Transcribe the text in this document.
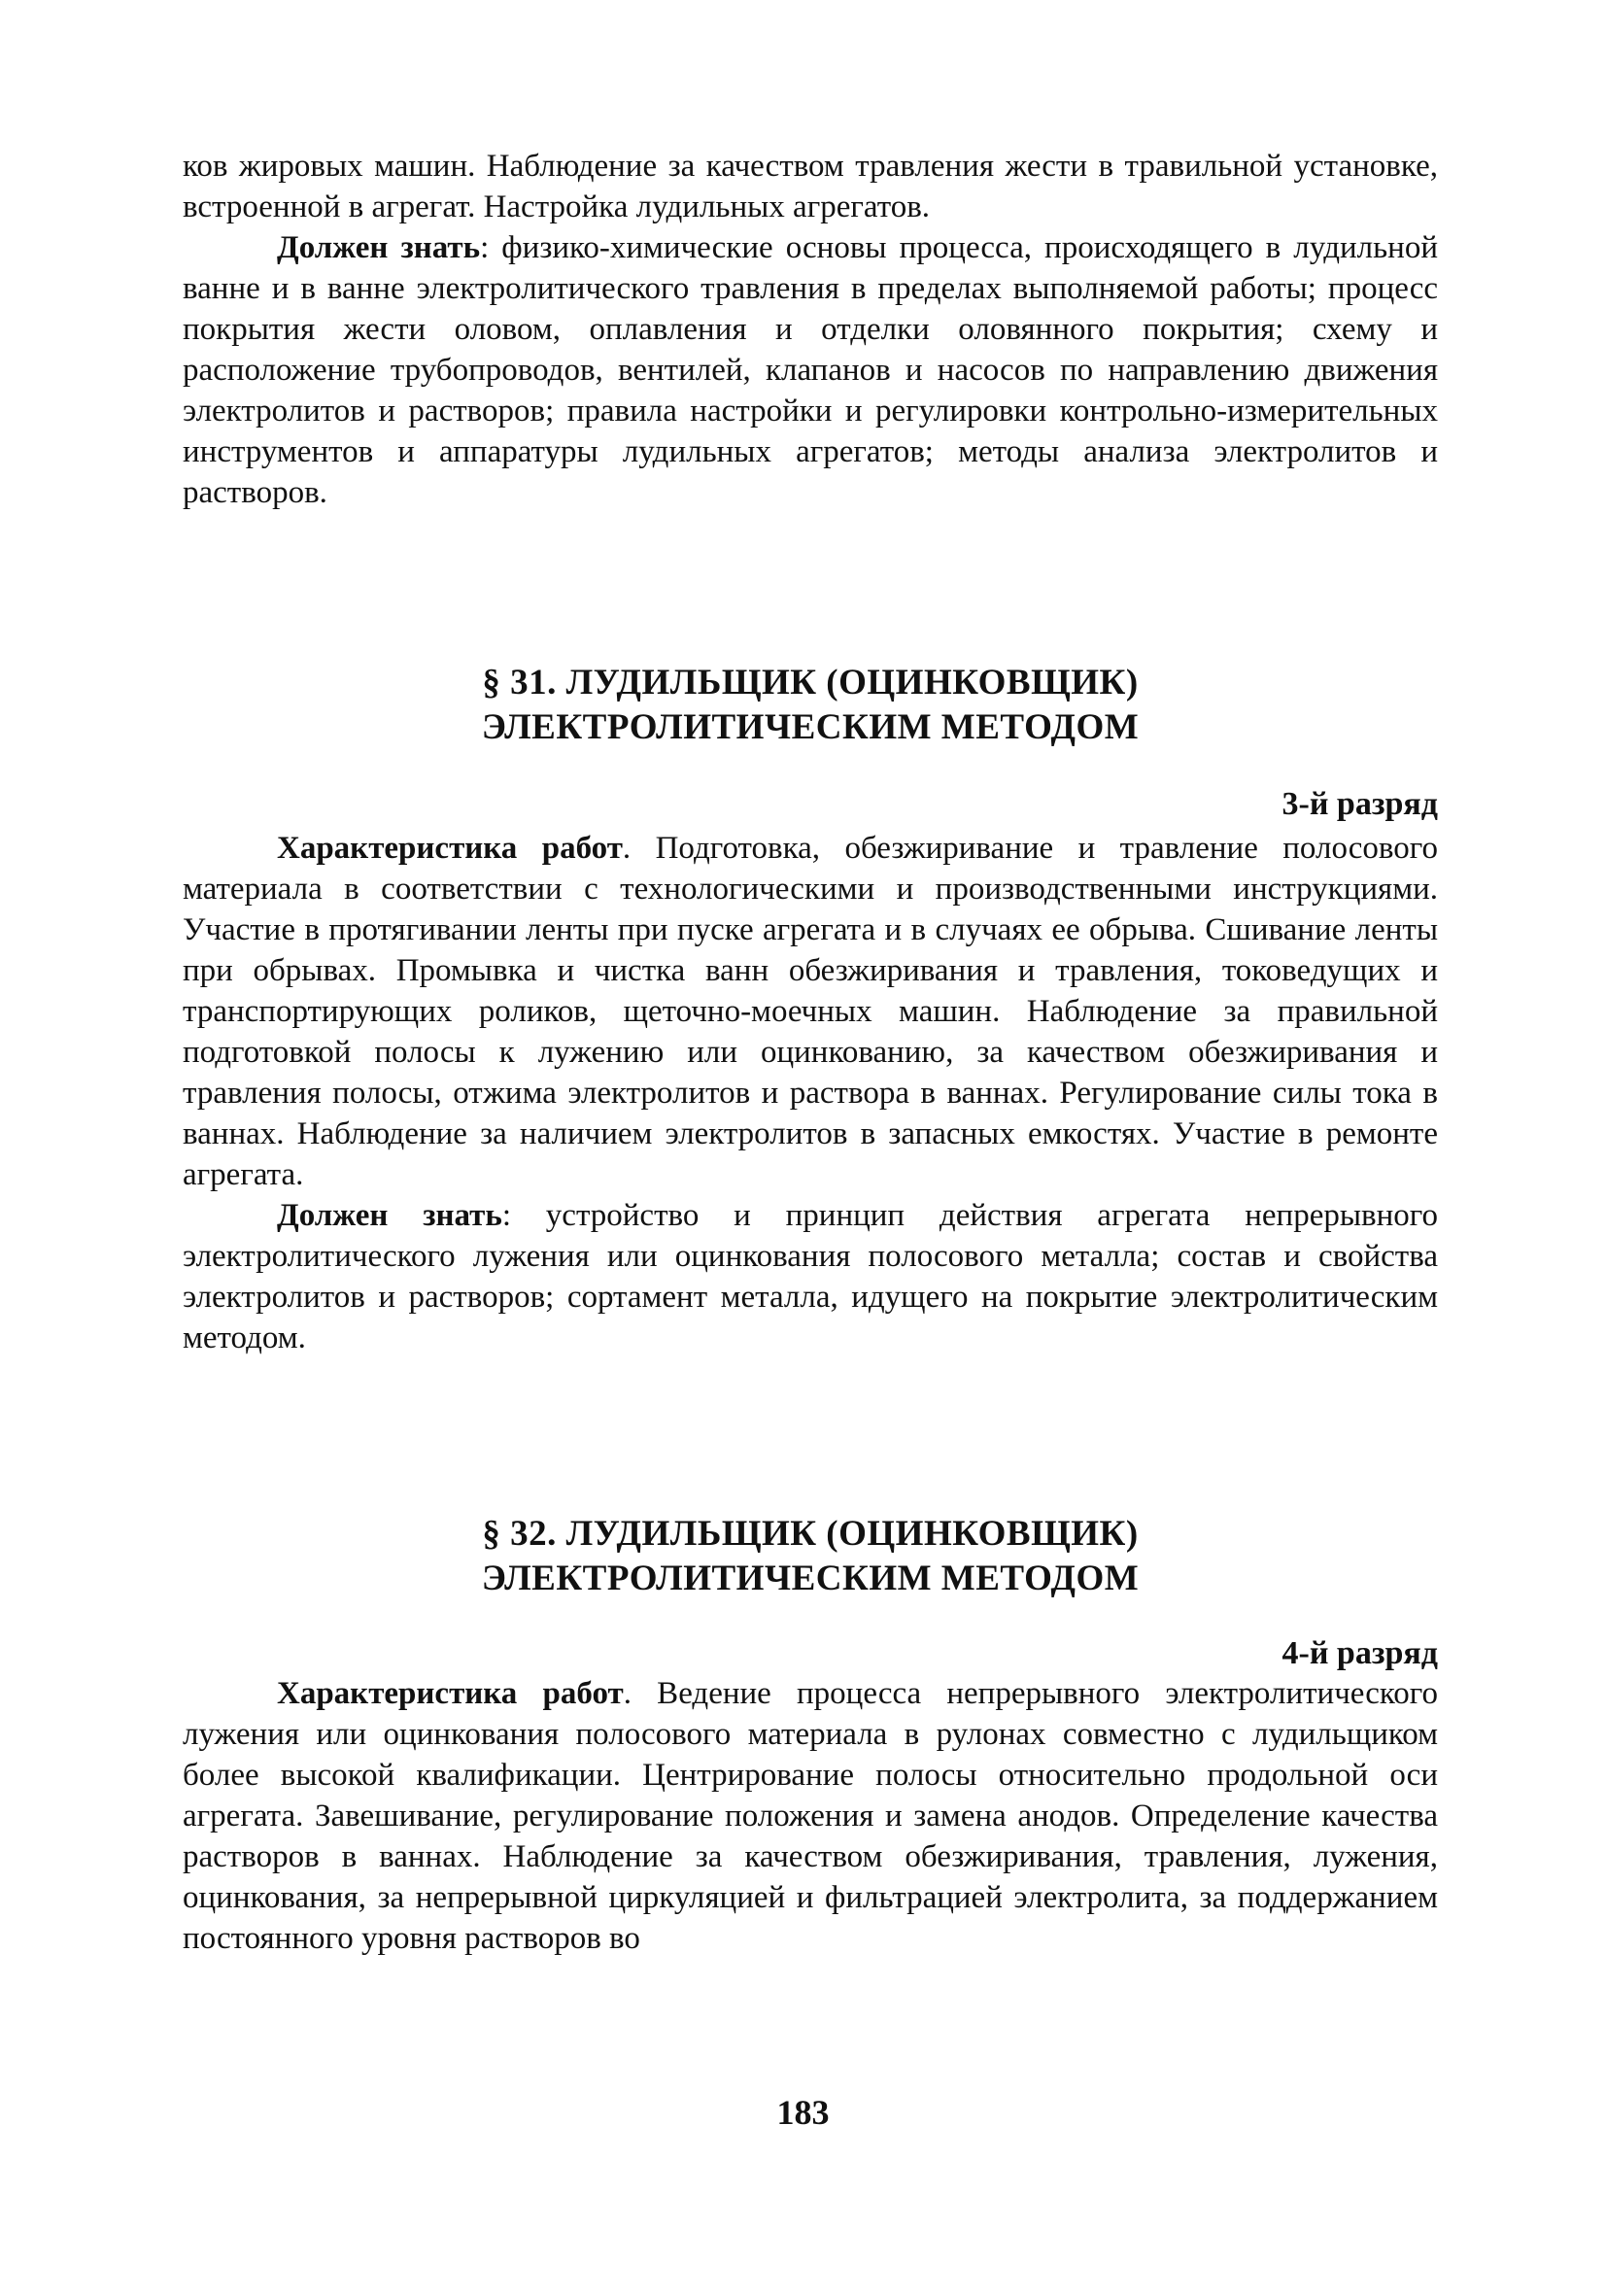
ков жировых машин. Наблюдение за качеством травления жести в травильной установке, встроенной в агрегат. Настройка лудильных агрегатов.

Должен знать: физико-химические основы процесса, происходящего в лудильной ванне и в ванне электролитического травления в пределах выполняемой работы; процесс покрытия жести оловом, оплавления и отделки оловянного покрытия; схему и расположение трубопроводов, вентилей, клапанов и насосов по направлению движения электролитов и растворов; правила настройки и регулировки контрольно-измерительных инструментов и аппаратуры лудильных агрегатов; методы анализа электролитов и растворов.

§ 31. ЛУДИЛЬЩИК (ОЦИНКОВЩИК)
ЭЛЕКТРОЛИТИЧЕСКИМ МЕТОДОМ

3-й разряд

Характеристика работ. Подготовка, обезжиривание и травление полосового материала в соответствии с технологическими и производственными инструкциями. Участие в протягивании ленты при пуске агрегата и в случаях ее обрыва. Сшивание ленты при обрывах. Промывка и чистка ванн обезжиривания и травления, токоведущих и транспортирующих роликов, щеточно-моечных машин. Наблюдение за правильной подготовкой полосы к лужению или оцинкованию, за качеством обезжиривания и травления полосы, отжима электролитов и раствора в ваннах. Регулирование силы тока в ваннах. Наблюдение за наличием электролитов в запасных емкостях. Участие в ремонте агрегата.

Должен знать: устройство и принцип действия агрегата непрерывного электролитического лужения или оцинкования полосового металла; состав и свойства электролитов и растворов; сортамент металла, идущего на покрытие электролитическим методом.

§ 32. ЛУДИЛЬЩИК (ОЦИНКОВЩИК)
ЭЛЕКТРОЛИТИЧЕСКИМ МЕТОДОМ

4-й разряд

Характеристика работ. Ведение процесса непрерывного электролитического лужения или оцинкования полосового материала в рулонах совместно с лудильщиком более высокой квалификации. Центрирование полосы относительно продольной оси агрегата. Завешивание, регулирование положения и замена анодов. Определение качества растворов в ваннах. Наблюдение за качеством обезжиривания, травления, лужения, оцинкования, за непрерывной циркуляцией и фильтрацией электролита, за поддержанием постоянного уровня растворов во

183
